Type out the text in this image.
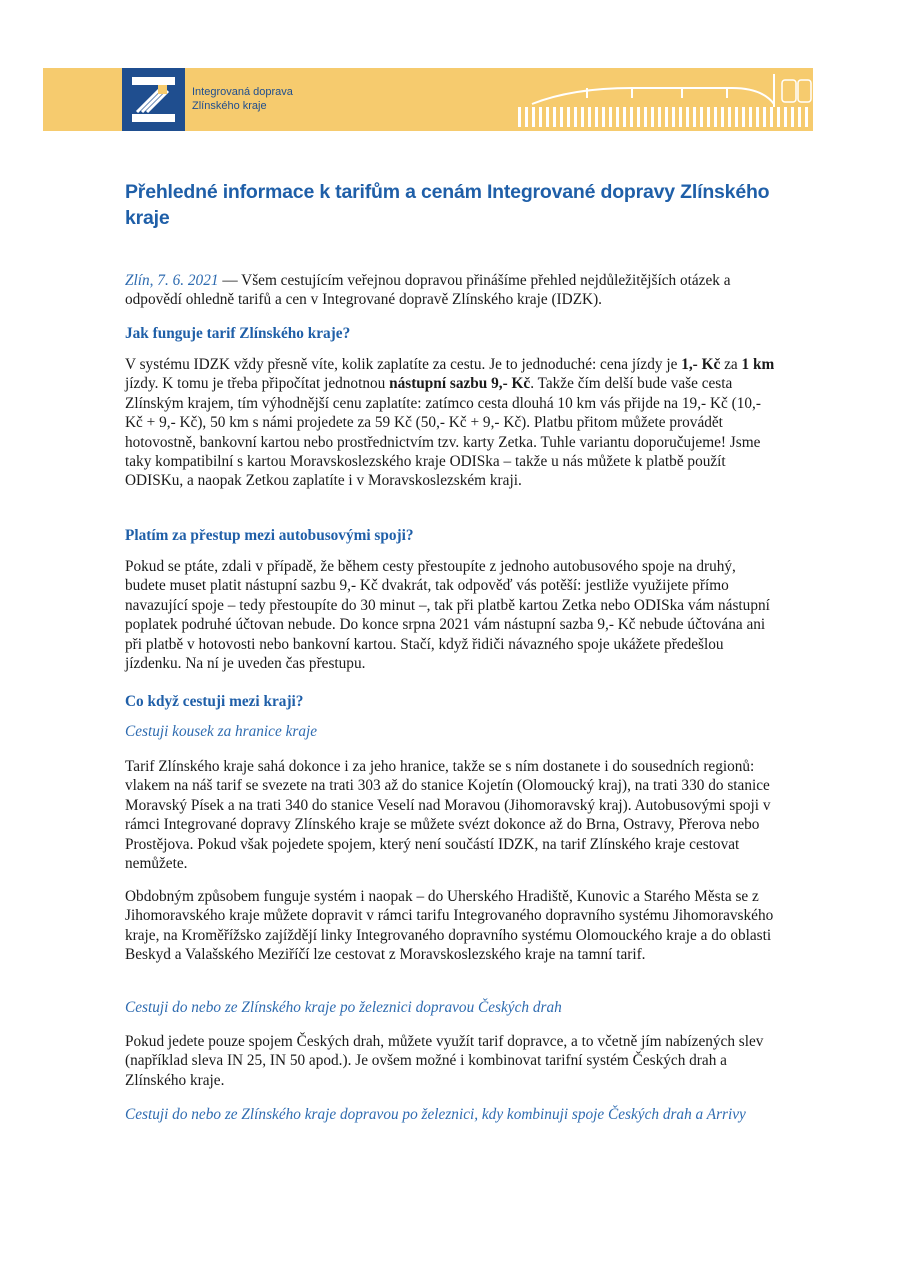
Integrovaná doprava
Zlínského kraje
Přehledné informace k tarifům a cenám Integrované dopravy Zlínského kraje

Zlín, 7. 6. 2021 — Všem cestujícím veřejnou dopravou přinášíme přehled nejdůležitějších otázek a odpovědí ohledně tarifů a cen v Integrované dopravě Zlínského kraje (IDZK).

Jak funguje tarif Zlínského kraje?

V systému IDZK vždy přesně víte, kolik zaplatíte za cestu. Je to jednoduché: cena jízdy je 1,- Kč za 1 km jízdy. K tomu je třeba připočítat jednotnou nástupní sazbu 9,- Kč. Takže čím delší bude vaše cesta Zlínským krajem, tím výhodnější cenu zaplatíte: zatímco cesta dlouhá 10 km vás přijde na 19,- Kč (10,- Kč + 9,- Kč), 50 km s námi projedete za 59 Kč (50,- Kč + 9,- Kč). Platbu přitom můžete provádět hotovostně, bankovní kartou nebo prostřednictvím tzv. karty Zetka. Tuhle variantu doporučujeme! Jsme taky kompatibilní s kartou Moravskoslezského kraje ODISka – takže u nás můžete k platbě použít ODISKu, a naopak Zetkou zaplatíte i v Moravskoslezském kraji.

Platím za přestup mezi autobusovými spoji?

Pokud se ptáte, zdali v případě, že během cesty přestoupíte z jednoho autobusového spoje na druhý, budete muset platit nástupní sazbu 9,- Kč dvakrát, tak odpověď vás potěší: jestliže využijete přímo navazující spoje – tedy přestoupíte do 30 minut –, tak při platbě kartou Zetka nebo ODISka vám nástupní poplatek podruhé účtovan nebude. Do konce srpna 2021 vám nástupní sazba 9,- Kč nebude účtována ani při platbě v hotovosti nebo bankovní kartou. Stačí, když řidiči návazného spoje ukážete předešlou jízdenku. Na ní je uveden čas přestupu.

Co když cestuji mezi kraji?

Cestuji kousek za hranice kraje

Tarif Zlínského kraje sahá dokonce i za jeho hranice, takže se s ním dostanete i do sousedních regionů: vlakem na náš tarif se svezete na trati 303 až do stanice Kojetín (Olomoucký kraj), na trati 330 do stanice Moravský Písek a na trati 340 do stanice Veselí nad Moravou (Jihomoravský kraj). Autobusovými spoji v rámci Integrované dopravy Zlínského kraje se můžete svézt dokonce až do Brna, Ostravy, Přerova nebo Prostějova. Pokud však pojedete spojem, který není součástí IDZK, na tarif Zlínského kraje cestovat nemůžete.

Obdobným způsobem funguje systém i naopak – do Uherského Hradiště, Kunovic a Starého Města se z Jihomoravského kraje můžete dopravit v rámci tarifu Integrovaného dopravního systému Jihomoravského kraje, na Kroměřížsko zajíždějí linky Integrovaného dopravního systému Olomouckého kraje a do oblasti Beskyd a Valašského Meziříčí lze cestovat z Moravskoslezského kraje na tamní tarif.

Cestuji do nebo ze Zlínského kraje po železnici dopravou Českých drah

Pokud jedete pouze spojem Českých drah, můžete využít tarif dopravce, a to včetně jím nabízených slev (například sleva IN 25, IN 50 apod.). Je ovšem možné i kombinovat tarifní systém Českých drah a Zlínského kraje.

Cestuji do nebo ze Zlínského kraje dopravou po železnici, kdy kombinuji spoje Českých drah a Arrivy
